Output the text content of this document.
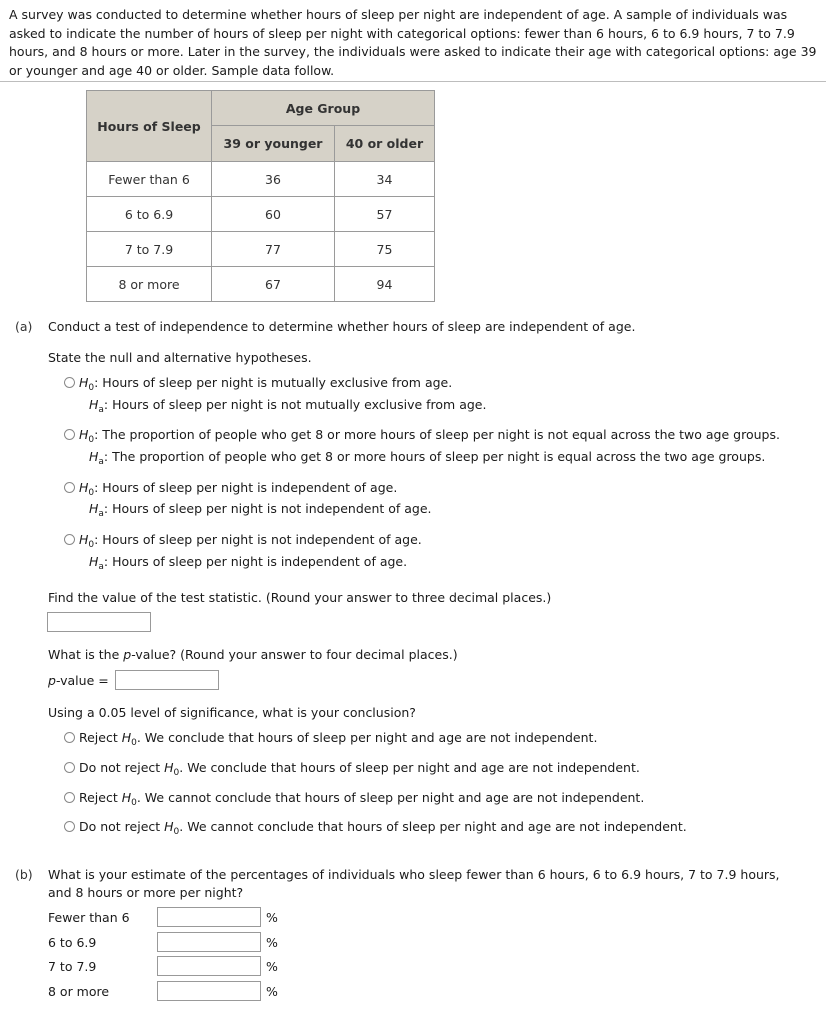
A survey was conducted to determine whether hours of sleep per night are independent of age. A sample of individuals was asked to indicate the number of hours of sleep per night with categorical options: fewer than 6 hours, 6 to 6.9 hours, 7 to 7.9 hours, and 8 hours or more. Later in the survey, the individuals were asked to indicate their age with categorical options: age 39 or younger and age 40 or older. Sample data follow.

Hours of Sleep	Age Group	
	39 or younger	40 or older
Fewer than 6	36	34
6 to 6.9	60	57
7 to 7.9	77	75
8 or more	67	94
(a) Conduct a test of independence to determine whether hours of sleep are independent of age.
State the null and alternative hypotheses.
$H_0$: Hours of sleep per night is mutually exclusive from age.
$H_a$: Hours of sleep per night is not mutually exclusive from age.
$H_0$: The proportion of people who get 8 or more hours of sleep per night is not equal across the two age groups.
$H_a$: The proportion of people who get 8 or more hours of sleep per night is equal across the two age groups.
$H_0$: Hours of sleep per night is independent of age.
$H_a$: Hours of sleep per night is not independent of age.
$H_0$: Hours of sleep per night is not independent of age.
$H_a$: Hours of sleep per night is independent of age.
Find the value of the test statistic. (Round your answer to three decimal places.)
What is the p-value? (Round your answer to four decimal places.)
p-value =
Using a 0.05 level of significance, what is your conclusion?
Reject $H_0$. We conclude that hours of sleep per night and age are not independent.
Do not reject $H_0$. We conclude that hours of sleep per night and age are not independent.
Reject $H_0$. We cannot conclude that hours of sleep per night and age are not independent.
Do not reject $H_0$. We cannot conclude that hours of sleep per night and age are not independent.
(b) What is your estimate of the percentages of individuals who sleep fewer than 6 hours, 6 to 6.9 hours, 7 to 7.9 hours,
and 8 hours or more per night?
Fewer than 6	%
6 to 6.9	%
7 to 7.9	%
8 or more	%
